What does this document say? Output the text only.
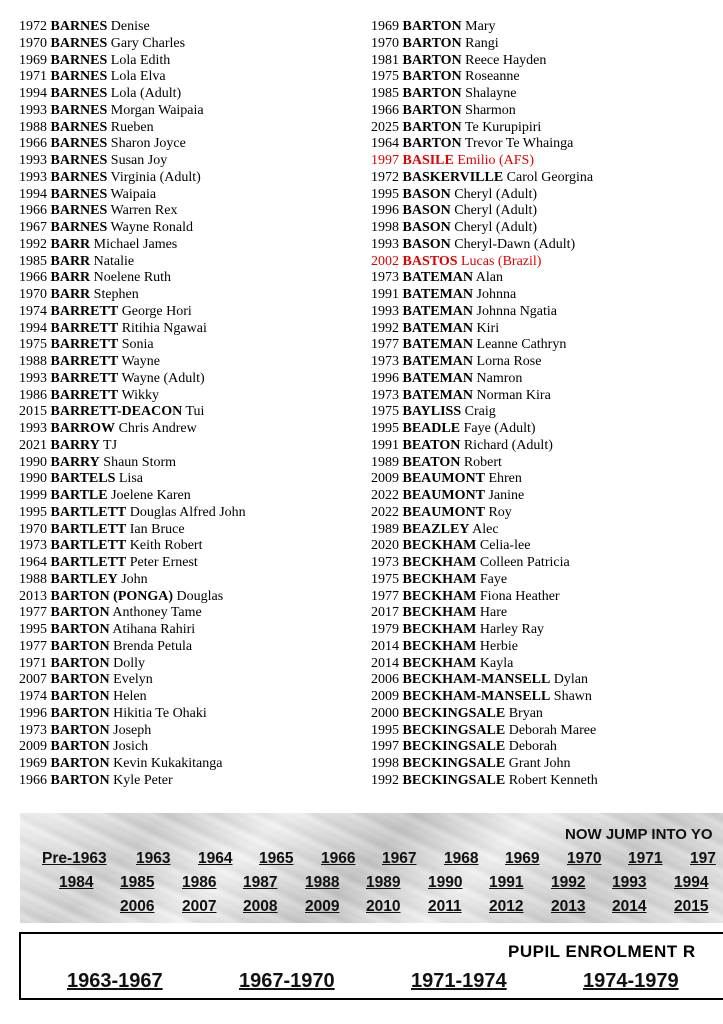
1972 BARNES Denise
1970 BARNES Gary Charles
1969 BARNES Lola Edith
1971 BARNES Lola Elva
1994 BARNES Lola (Adult)
1993 BARNES Morgan Waipaia
1988 BARNES Rueben
1966 BARNES Sharon Joyce
1993 BARNES Susan Joy
1993 BARNES Virginia (Adult)
1994 BARNES Waipaia
1966 BARNES Warren Rex
1967 BARNES Wayne Ronald
1992 BARR Michael James
1985 BARR Natalie
1966 BARR Noelene Ruth
1970 BARR Stephen
1974 BARRETT George Hori
1994 BARRETT Ritihia Ngawai
1975 BARRETT Sonia
1988 BARRETT Wayne
1993 BARRETT Wayne (Adult)
1986 BARRETT Wikky
2015 BARRETT-DEACON Tui
1993 BARROW Chris Andrew
2021 BARRY TJ
1990 BARRY Shaun Storm
1990 BARTELS Lisa
1999 BARTLE Joelene Karen
1995 BARTLETT Douglas Alfred John
1970 BARTLETT Ian Bruce
1973 BARTLETT Keith Robert
1964 BARTLETT Peter Ernest
1988 BARTLEY John
2013 BARTON (PONGA) Douglas
1977 BARTON Anthoney Tame
1995 BARTON Atihana Rahiri
1977 BARTON Brenda Petula
1971 BARTON Dolly
2007 BARTON Evelyn
1974 BARTON Helen
1996 BARTON Hikitia Te Ohaki
1973 BARTON Joseph
2009 BARTON Josich
1969 BARTON Kevin Kukakitanga
1966 BARTON Kyle Peter
1969 BARTON Mary
1970 BARTON Rangi
1981 BARTON Reece Hayden
1975 BARTON Roseanne
1985 BARTON Shalayne
1966 BARTON Sharmon
2025 BARTON Te Kurupipiri
1964 BARTON Trevor Te Whainga
1997 BASILE Emilio (AFS)
1972 BASKERVILLE Carol Georgina
1995 BASON Cheryl (Adult)
1996 BASON Cheryl (Adult)
1998 BASON Cheryl (Adult)
1993 BASON Cheryl-Dawn (Adult)
2002 BASTOS Lucas (Brazil)
1973 BATEMAN Alan
1991 BATEMAN Johnna
1993 BATEMAN Johnna Ngatia
1992 BATEMAN Kiri
1977 BATEMAN Leanne Cathryn
1973 BATEMAN Lorna Rose
1996 BATEMAN Namron
1973 BATEMAN Norman Kira
1975 BAYLISS Craig
1995 BEADLE Faye (Adult)
1991 BEATON Richard (Adult)
1989 BEATON Robert
2009 BEAUMONT Ehren
2022 BEAUMONT Janine
2022 BEAUMONT Roy
1989 BEAZLEY Alec
2020 BECKHAM Celia-lee
1973 BECKHAM Colleen Patricia
1975 BECKHAM Faye
1977 BECKHAM Fiona Heather
2017 BECKHAM Hare
1979 BECKHAM Harley Ray
2014 BECKHAM Herbie
2014 BECKHAM Kayla
2006 BECKHAM-MANSELL Dylan
2009 BECKHAM-MANSELL Shawn
2000 BECKINGSALE Bryan
1995 BECKINGSALE Deborah Maree
1997 BECKINGSALE Deborah
1998 BECKINGSALE Grant John
1992 BECKINGSALE Robert Kenneth
NOW JUMP INTO YO
Pre-1963 1963 1964 1965 1966 1967 1968 1969 1970 1971 197
1984 1985 1986 1987 1988 1989 1990 1991 1992 1993 1994
2006 2007 2008 2009 2010 2011 2012 2013 2014 2015
PUPIL ENROLMENT R
1963-1967	1967-1970	1971-1974	1974-1979
